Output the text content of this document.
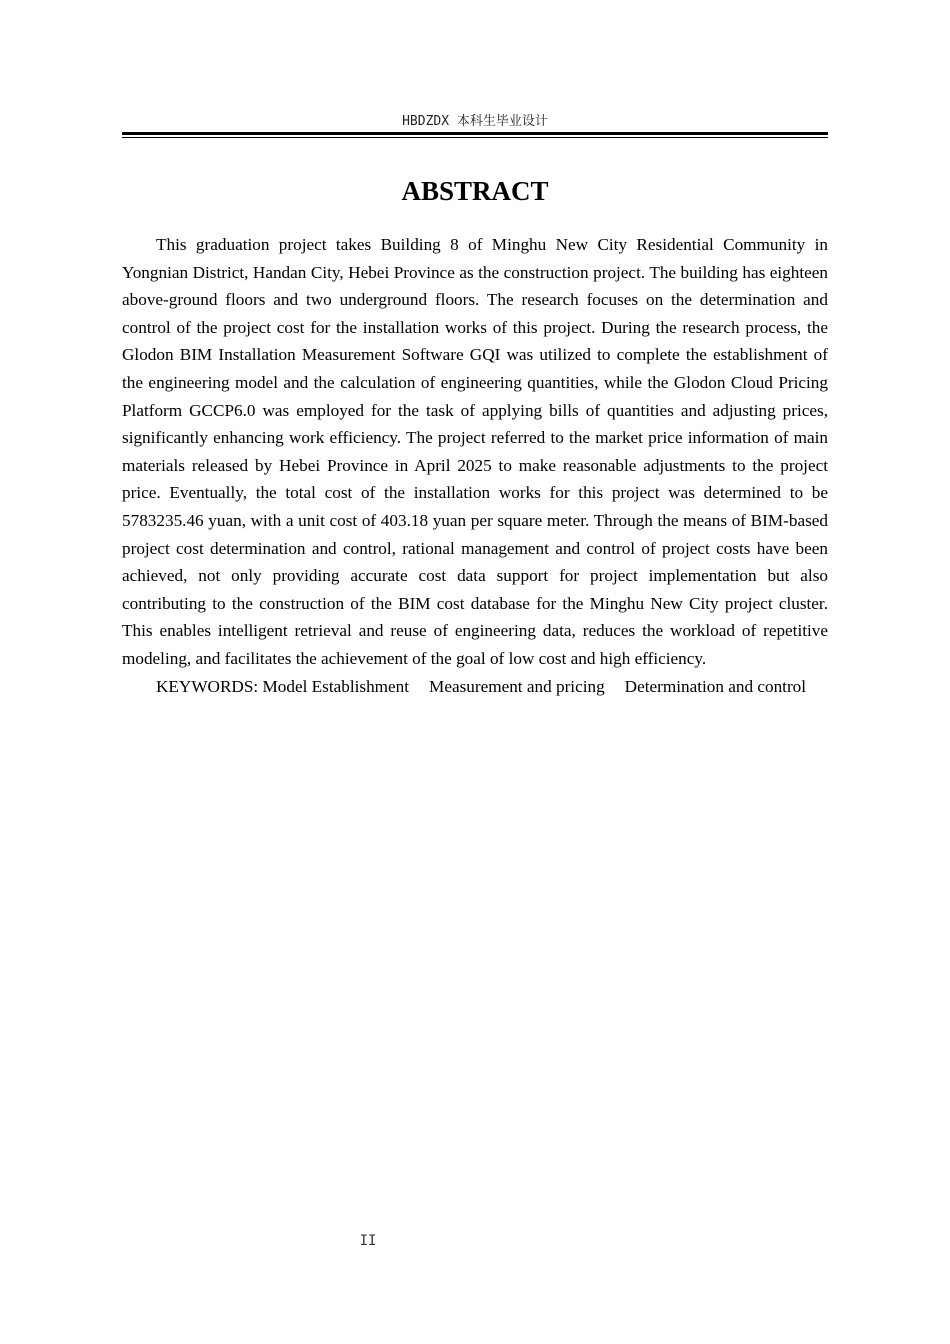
HBDZDX 本科生毕业设计
ABSTRACT

This graduation project takes Building 8 of Minghu New City Residential Community in Yongnian District, Handan City, Hebei Province as the construction project. The building has eighteen above-ground floors and two underground floors. The research focuses on the determination and control of the project cost for the installation works of this project. During the research process, the Glodon BIM Installation Measurement Software GQI was utilized to complete the establishment of the engineering model and the calculation of engineering quantities, while the Glodon Cloud Pricing Platform GCCP6.0 was employed for the task of applying bills of quantities and adjusting prices, significantly enhancing work efficiency. The project referred to the market price information of main materials released by Hebei Province in April 2025 to make reasonable adjustments to the project price. Eventually, the total cost of the installation works for this project was determined to be 5783235.46 yuan, with a unit cost of 403.18 yuan per square meter. Through the means of BIM-based project cost determination and control, rational management and control of project costs have been achieved, not only providing accurate cost data support for project implementation but also contributing to the construction of the BIM cost database for the Minghu New City project cluster. This enables intelligent retrieval and reuse of engineering data, reduces the workload of repetitive modeling, and facilitates the achievement of the goal of low cost and high efficiency.

KEYWORDS: Model Establishment Measurement and pricing Determination and control

II
